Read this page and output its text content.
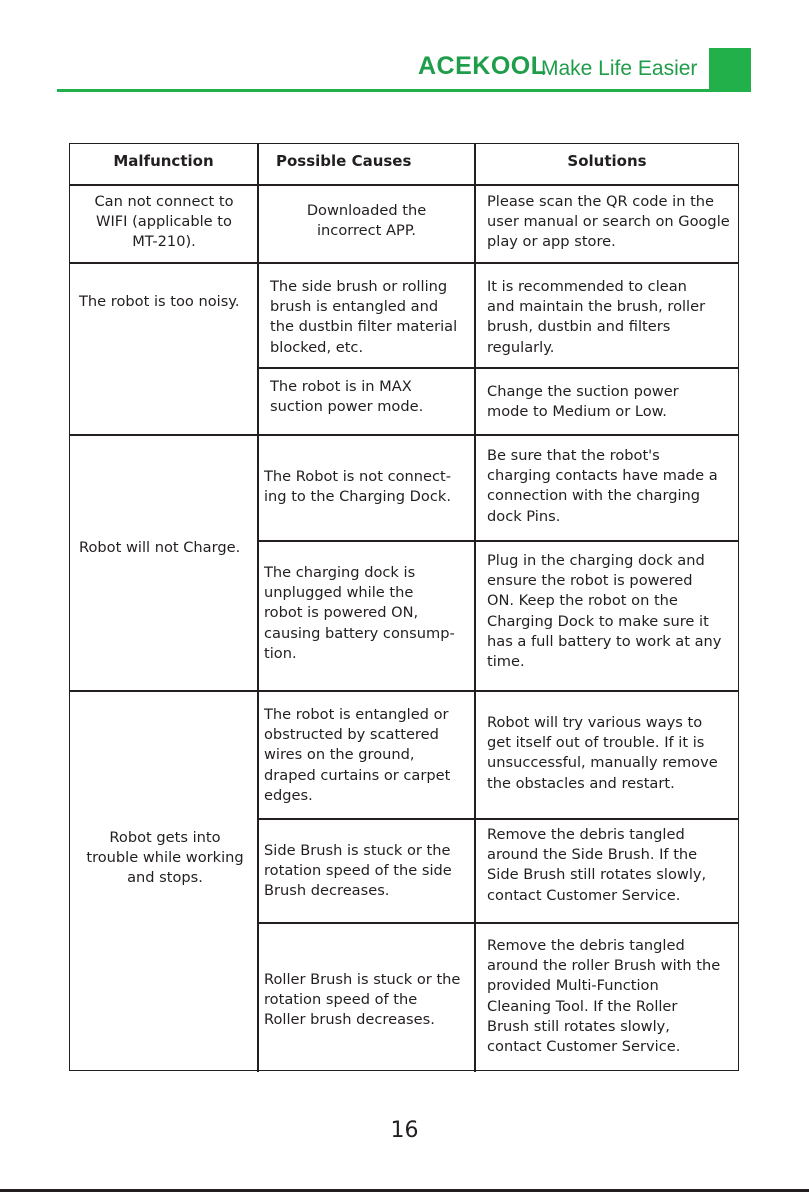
ACEKOOL
Make Life Easier
Malfunction	Possible Causes	Solutions
Can not connect to
WIFI (applicable to
MT-210).
The robot is too noisy.
Robot will not Charge.
Robot gets into
trouble while working
and stops.
Downloaded the
incorrect APP.
The side brush or rolling
brush is entangled and
the dustbin filter material
blocked, etc.
The robot is in MAX
suction power mode.
The Robot is not connect-
ing to the Charging Dock.
The charging dock is
unplugged while the
robot is powered ON,
causing battery consump-
tion.
The robot is entangled or
obstructed by scattered
wires on the ground,
draped curtains or carpet
edges.
Side Brush is stuck or the
rotation speed of the side
Brush decreases.
Roller Brush is stuck or the
rotation speed of the
Roller brush decreases.
Please scan the QR code in the
user manual or search on Google
play or app store.
It is recommended to clean
and maintain the brush, roller
brush, dustbin and filters
regularly.
Change the suction power
mode to Medium or Low.
Be sure that the robot's
charging contacts have made a
connection with the charging
dock Pins.
Plug in the charging dock and
ensure the robot is powered
ON. Keep the robot on the
Charging Dock to make sure it
has a full battery to work at any
time.
Robot will try various ways to
get itself out of trouble. If it is
unsuccessful, manually remove
the obstacles and restart.
Remove the debris tangled
around the Side Brush. If the
Side Brush still rotates slowly,
contact Customer Service.
Remove the debris tangled
around the roller Brush with the
provided Multi-Function
Cleaning Tool. If the Roller
Brush still rotates slowly,
contact Customer Service.
16
